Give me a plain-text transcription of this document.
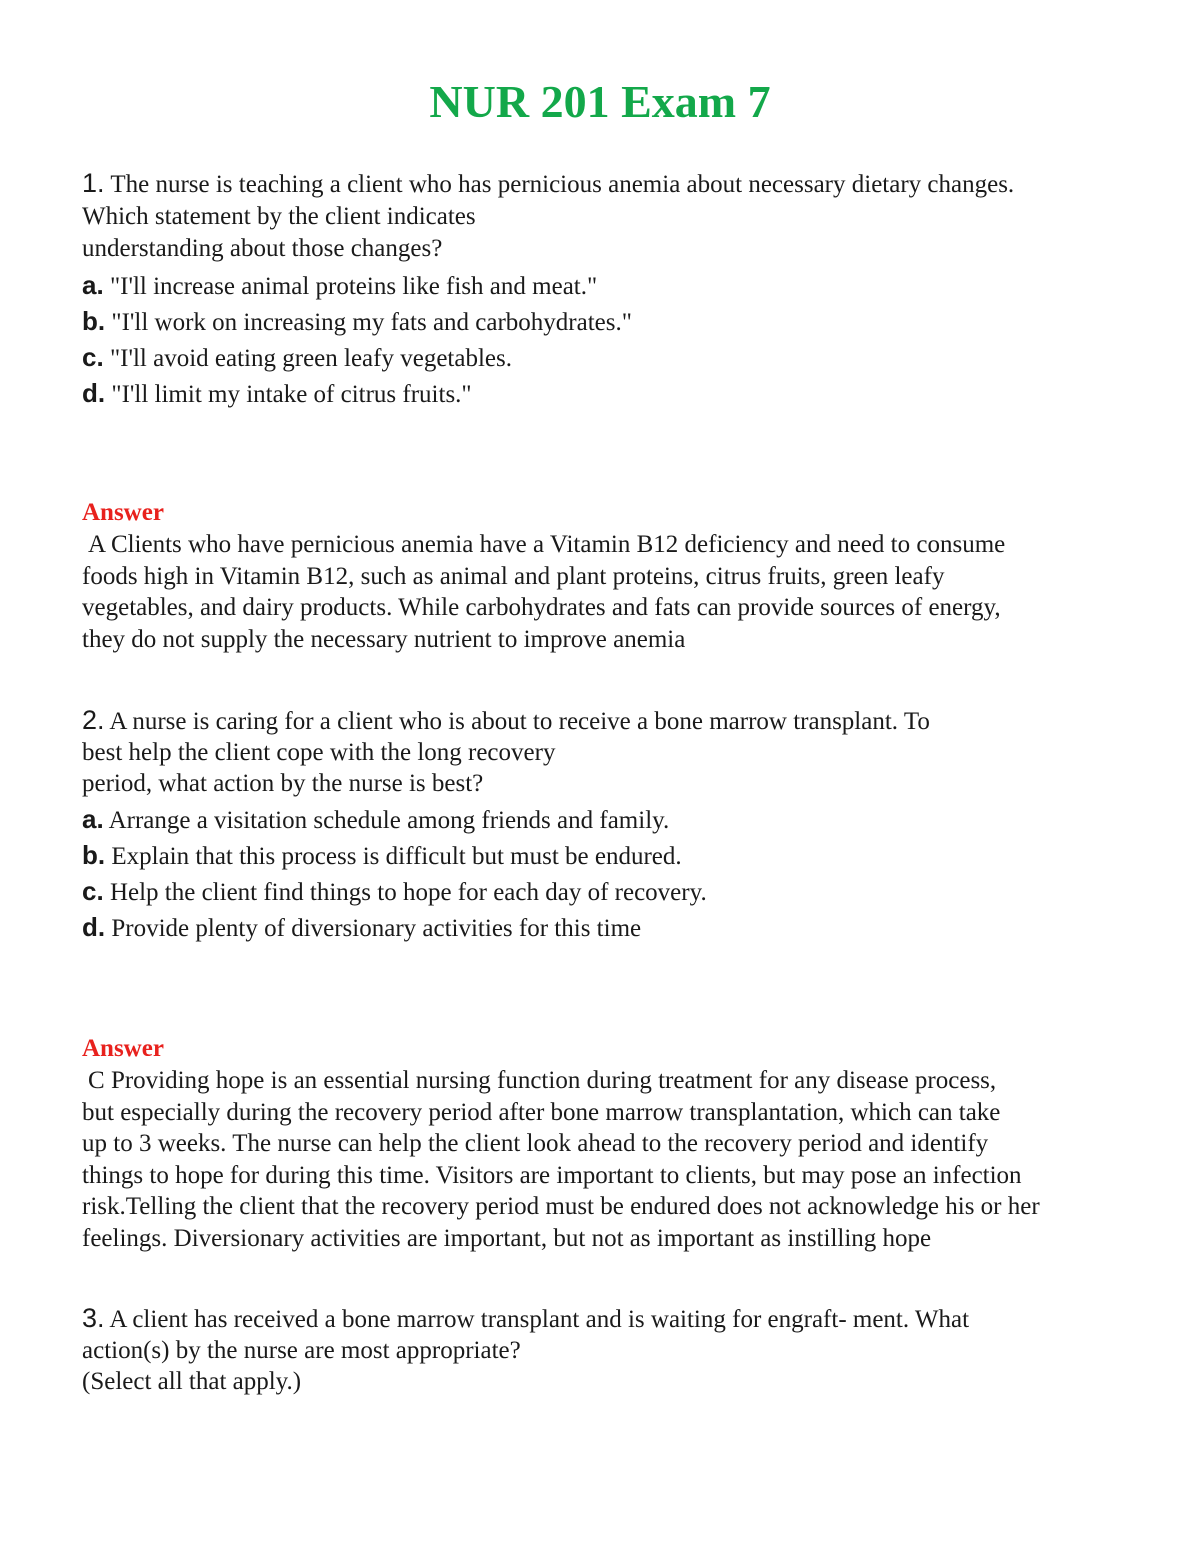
NUR 201 Exam 7

1. The nurse is teaching a client who has pernicious anemia about necessary dietary changes.

Which statement by the client indicates

understanding about those changes?

a. "I'll increase animal proteins like fish and meat."
b. "I'll work on increasing my fats and carbohydrates."
c. "I'll avoid eating green leafy vegetables.
d. "I'll limit my intake of citrus fruits."

Answer

A Clients who have pernicious anemia have a Vitamin B12 deficiency and need to consume
foods high in Vitamin B12, such as animal and plant proteins, citrus fruits, green leafy
vegetables, and dairy products. While carbohydrates and fats can provide sources of energy,
they do not supply the necessary nutrient to improve anemia

2. A nurse is caring for a client who is about to receive a bone marrow transplant. To

best help the client cope with the long recovery

period, what action by the nurse is best?

a. Arrange a visitation schedule among friends and family.
b. Explain that this process is difficult but must be endured.
c. Help the client find things to hope for each day of recovery.
d. Provide plenty of diversionary activities for this time

Answer

C Providing hope is an essential nursing function during treatment for any disease process,
but especially during the recovery period after bone marrow transplantation, which can take
up to 3 weeks. The nurse can help the client look ahead to the recovery period and identify
things to hope for during this time. Visitors are important to clients, but may pose an infection
risk.Telling the client that the recovery period must be endured does not acknowledge his or her
feelings. Diversionary activities are important, but not as important as instilling hope

3. A client has received a bone marrow transplant and is waiting for engraft- ment. What

action(s) by the nurse are most appropriate?

(Select all that apply.)
